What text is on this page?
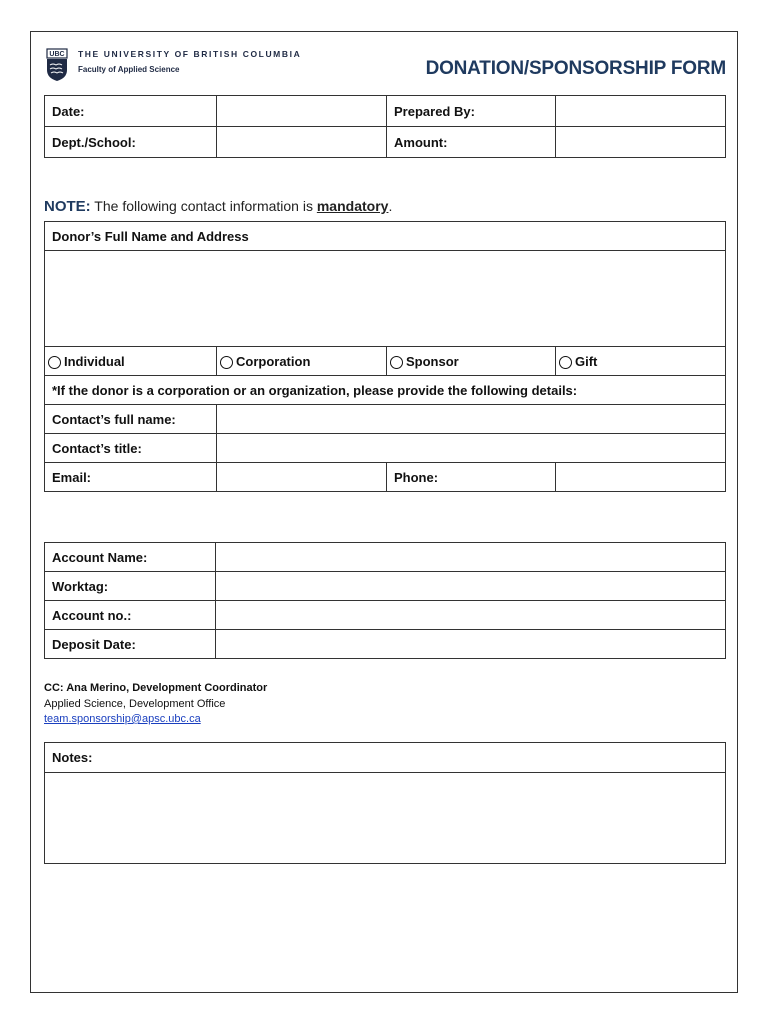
UBC THE UNIVERSITY OF BRITISH COLUMBIA
Faculty of Applied Science	DONATION/SPONSORSHIP FORM
Date:		Prepared By:	
Dept./School:		Amount:	
NOTE: The following contact information is mandatory.
Donor’s Full Name and Address			

Individual	Corporation	Sponsor	Gift
*If the donor is a corporation or an organization, please provide the following details:			
Contact’s full name:			
Contact’s title:			
Email:		Phone:	
Account Name:	
Worktag:	
Account no.:	
Deposit Date:	
CC: Ana Merino, Development Coordinator
Applied Science, Development Office
team.sponsorship@apsc.ubc.ca
Notes:
